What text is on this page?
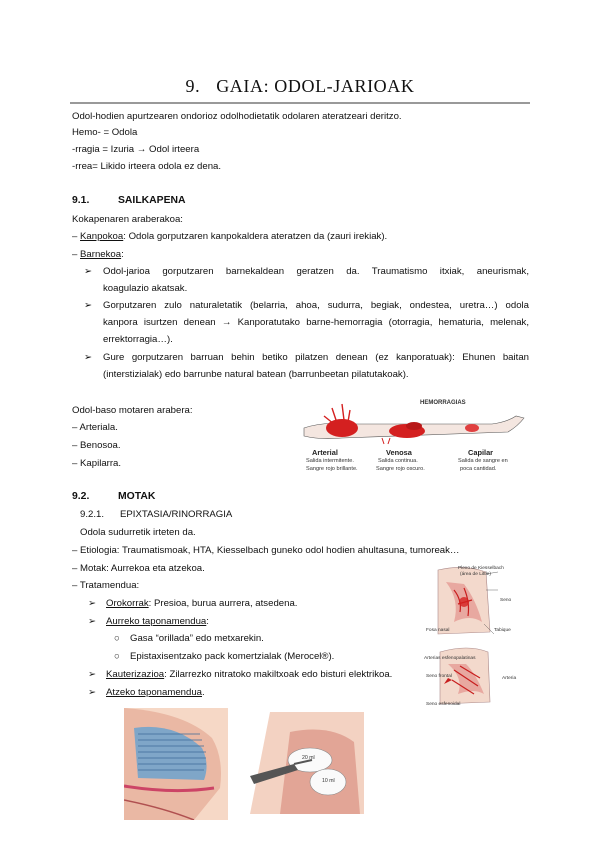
9. GAIA: ODOL-JARIOAK
Odol-hodien apurtzearen ondorioz odolhodietatik odolaren ateratzeari deritzo.
Hemo- = Odola
-rragia = Izuria → Odol irteera
-rrea= Likido irteera odola ez dena.
9.1.	SAILKAPENA
Kokapenaren araberakoa:
– Kanpokoa: Odola gorputzaren kanpokaldera ateratzen da (zauri irekiak).
– Barnekoa:
➢ Odol-jarioa gorputzaren barnekaldean geratzen da. Traumatismo itxiak, aneurismak,
koagulazio akatsak.
➢ Gorputzaren zulo naturaletatik (belarria, ahoa, sudurra, begiak, ondestea, uretra…) odola
kanpora isurtzen denean → Kanporatutako barne-hemorragia (otorragia, hematuria, melenak,
errektorragia…).
➢ Gure gorputzaren barruan behin betiko pilatzen denean (ez kanporatuak): Ehunen baitan
(interstizialak) edo barrunbe natural batean (barrunbeetan pilatutakoak).
Odol-baso motaren arabera:
– Arteriala.
– Benosoa.
– Kapilarra.
HEMORRAGIAS
Arterial
Salida intermitente.
Sangre rojo brillante.
Venosa
Salida continua.
Sangre rojo oscuro.
Capilar
Salida de sangre en
poca cantidad.
9.2.	MOTAK
9.2.1. EPIXTASIA/RINORRAGIA
Odola sudurretik irteten da.
– Etiologia: Traumatismoak, HTA, Kiesselbach guneko odol hodien ahultasuna, tumoreak…
– Motak: Aurrekoa eta atzekoa.
– Tratamendua:
➢ Orokorrak: Presioa, burua aurrera, atsedena.
➢ Aurreko taponamendua:
○ Gasa “orillada” edo metxarekin.
○ Epistaxisentzako pack komertzialak (Merocel®).
➢ Kauterizazioa: Zilarrezko nitratoko makiltxoak edo bisturi elektrikoa.
➢ Atzeko taponamendua.
Plexo de Kiesselbach
(área de Little)
Seno
Fosa nasal	Tabique
Arterias esfenopalatinas
Arteria
Seno frontal
Seno esfenoidal
20 ml
10 ml
